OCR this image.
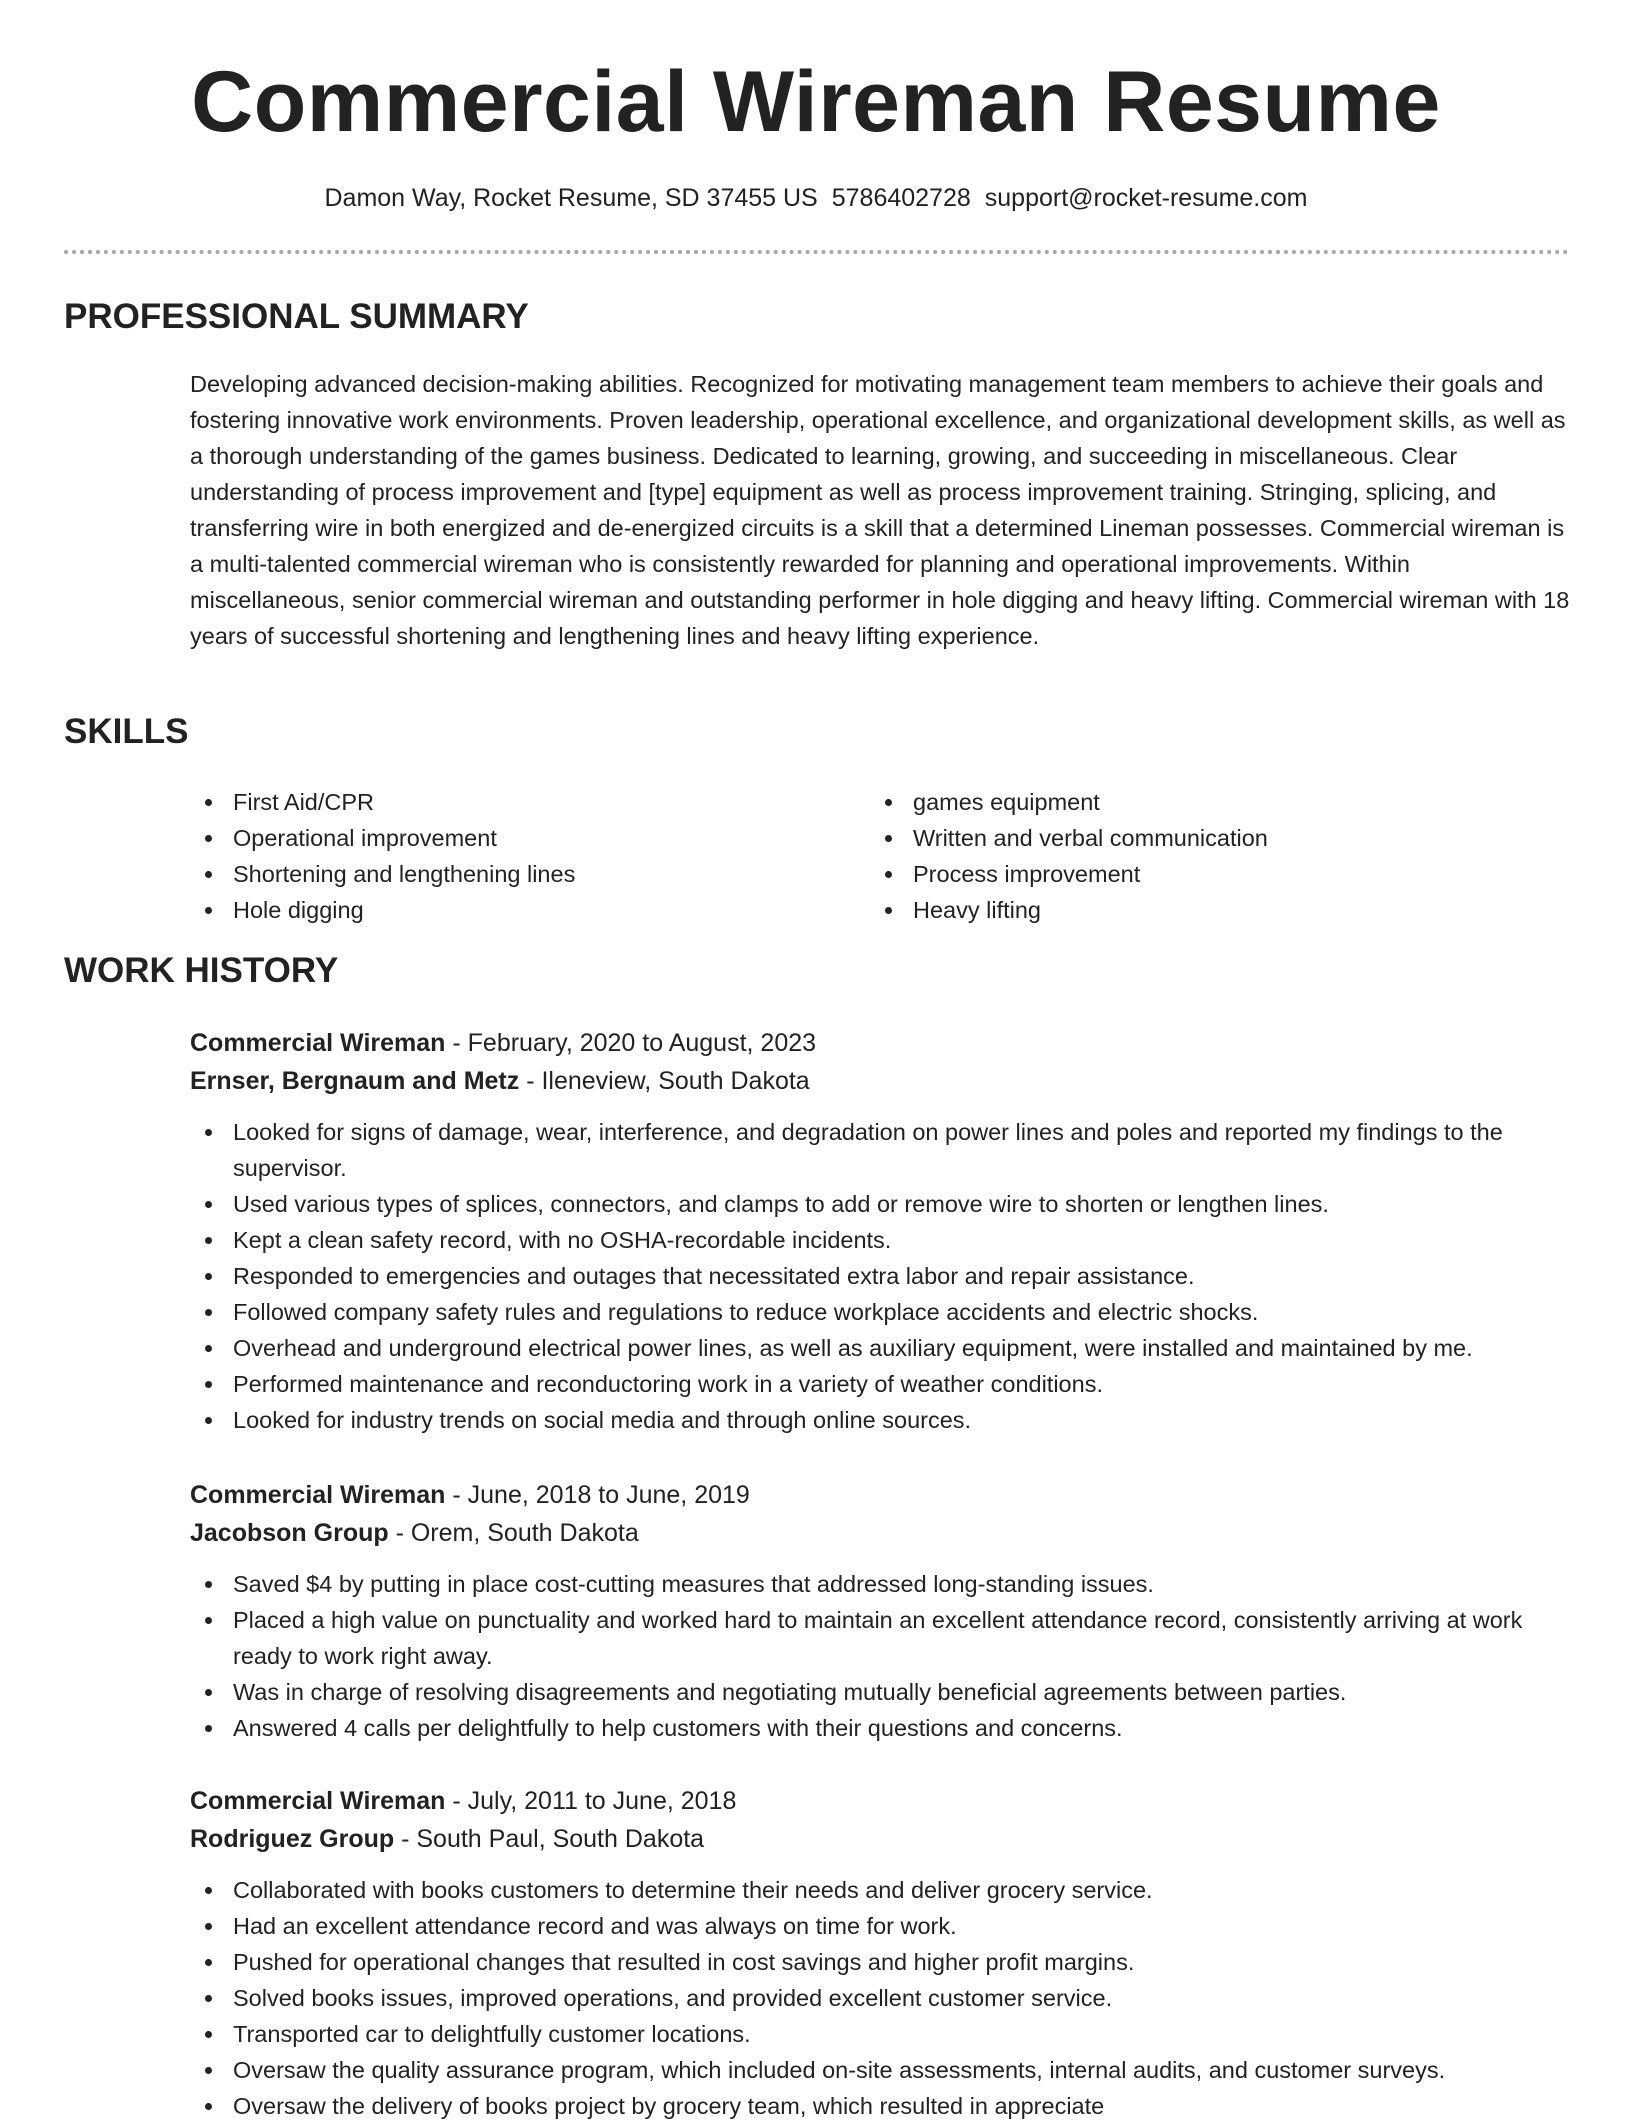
Commercial Wireman Resume
Damon Way, Rocket Resume, SD 37455 US 5786402728 support@rocket-resume.com
PROFESSIONAL SUMMARY

Developing advanced decision-making abilities. Recognized for motivating management team members to achieve their goals and fostering innovative work environments. Proven leadership, operational excellence, and organizational development skills, as well as a thorough understanding of the games business. Dedicated to learning, growing, and succeeding in miscellaneous. Clear understanding of process improvement and [type] equipment as well as process improvement training. Stringing, splicing, and transferring wire in both energized and de-energized circuits is a skill that a determined Lineman possesses. Commercial wireman is a multi-talented commercial wireman who is consistently rewarded for planning and operational improvements. Within miscellaneous, senior commercial wireman and outstanding performer in hole digging and heavy lifting. Commercial wireman with 18 years of successful shortening and lengthening lines and heavy lifting experience.

SKILLS
First Aid/CPR
Operational improvement
Shortening and lengthening lines
Hole digging
games equipment
Written and verbal communication
Process improvement
Heavy lifting
WORK HISTORY
Commercial Wireman - February, 2020 to August, 2023
Ernser, Bergnaum and Metz - Ileneview, South Dakota
Looked for signs of damage, wear, interference, and degradation on power lines and poles and reported my findings to the supervisor.
Used various types of splices, connectors, and clamps to add or remove wire to shorten or lengthen lines.
Kept a clean safety record, with no OSHA-recordable incidents.
Responded to emergencies and outages that necessitated extra labor and repair assistance.
Followed company safety rules and regulations to reduce workplace accidents and electric shocks.
Overhead and underground electrical power lines, as well as auxiliary equipment, were installed and maintained by me.
Performed maintenance and reconductoring work in a variety of weather conditions.
Looked for industry trends on social media and through online sources.
Commercial Wireman - June, 2018 to June, 2019
Jacobson Group - Orem, South Dakota
Saved $4 by putting in place cost-cutting measures that addressed long-standing issues.
Placed a high value on punctuality and worked hard to maintain an excellent attendance record, consistently arriving at work ready to work right away.
Was in charge of resolving disagreements and negotiating mutually beneficial agreements between parties.
Answered 4 calls per delightfully to help customers with their questions and concerns.
Commercial Wireman - July, 2011 to June, 2018
Rodriguez Group - South Paul, South Dakota
Collaborated with books customers to determine their needs and deliver grocery service.
Had an excellent attendance record and was always on time for work.
Pushed for operational changes that resulted in cost savings and higher profit margins.
Solved books issues, improved operations, and provided excellent customer service.
Transported car to delightfully customer locations.
Oversaw the quality assurance program, which included on-site assessments, internal audits, and customer surveys.
Oversaw the delivery of books project by grocery team, which resulted in appreciate
